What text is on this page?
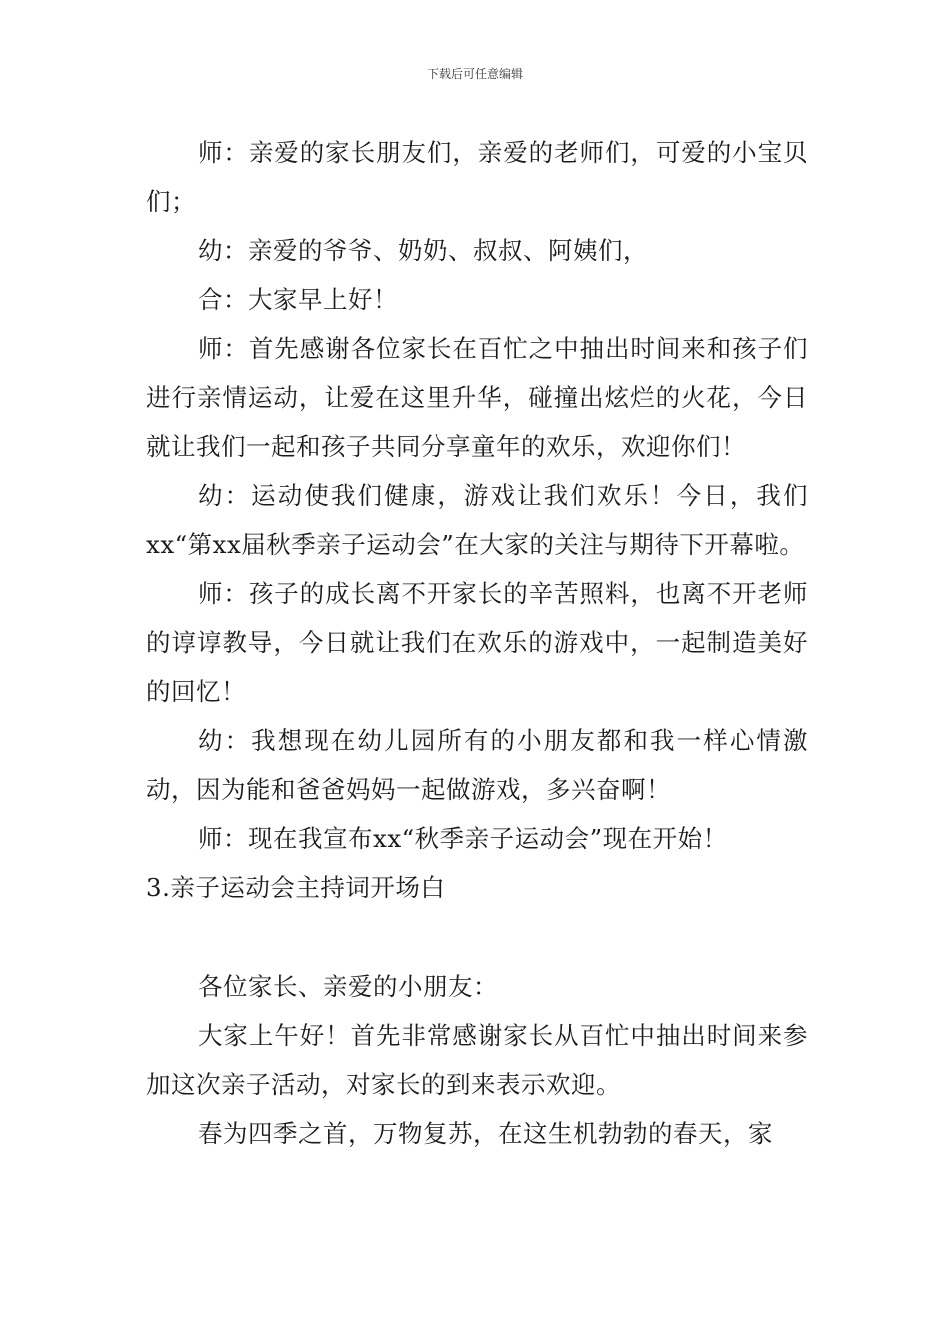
下载后可任意编辑

师：亲爱的家长朋友们，亲爱的老师们，可爱的小宝贝们；

幼：亲爱的爷爷、奶奶、叔叔、阿姨们，

合：大家早上好！

师：首先感谢各位家长在百忙之中抽出时间来和孩子们进行亲情运动，让爱在这里升华，碰撞出炫烂的火花，今日就让我们一起和孩子共同分享童年的欢乐，欢迎你们！

幼：运动使我们健康，游戏让我们欢乐！今日，我们xx“第xx届秋季亲子运动会”在大家的关注与期待下开幕啦。

师：孩子的成长离不开家长的辛苦照料，也离不开老师的谆谆教导，今日就让我们在欢乐的游戏中，一起制造美好的回忆！

幼：我想现在幼儿园所有的小朋友都和我一样心情激动，因为能和爸爸妈妈一起做游戏，多兴奋啊！

师：现在我宣布xx“秋季亲子运动会”现在开始！

3.亲子运动会主持词开场白

各位家长、亲爱的小朋友：

大家上午好！首先非常感谢家长从百忙中抽出时间来参加这次亲子活动，对家长的到来表示欢迎。

春为四季之首，万物复苏，在这生机勃勃的春天，家
